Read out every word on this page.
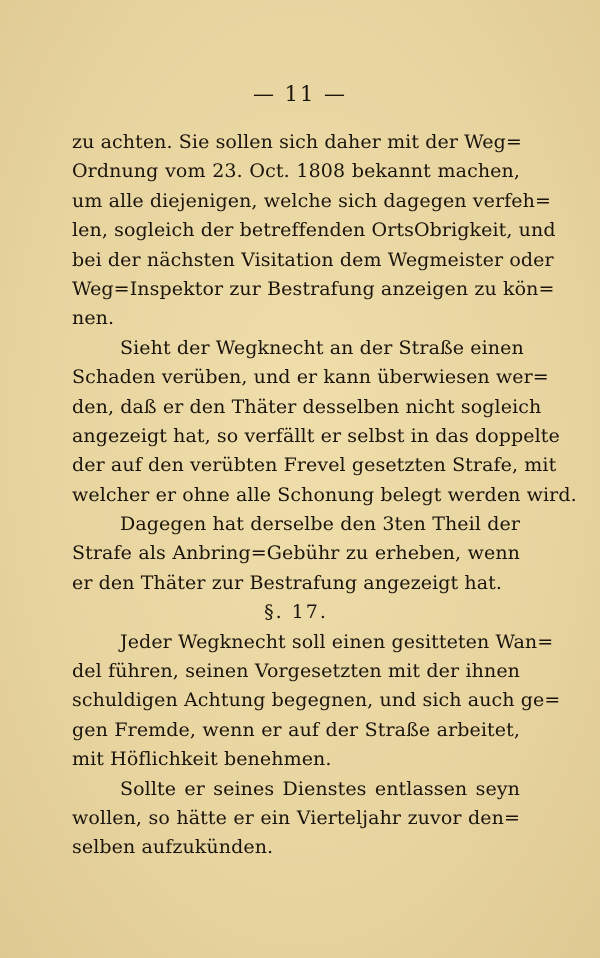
— 11 —
zu achten. Sie sollen sich daher mit der Weg=
Ordnung vom 23. Oct. 1808 bekannt machen,
um alle diejenigen, welche sich dagegen verfeh=
len, sogleich der betreffenden OrtsObrigkeit, und
bei der nächsten Visitation dem Wegmeister oder
Weg=Inspektor zur Bestrafung anzeigen zu kön=
nen.
Sieht der Wegknecht an der Straße einen
Schaden verüben, und er kann überwiesen wer=
den, daß er den Thäter desselben nicht sogleich
angezeigt hat, so verfällt er selbst in das doppelte
der auf den verübten Frevel gesetzten Strafe, mit
welcher er ohne alle Schonung belegt werden wird.
Dagegen hat derselbe den 3ten Theil der
Strafe als Anbring=Gebühr zu erheben, wenn
er den Thäter zur Bestrafung angezeigt hat.
§. 17.
Jeder Wegknecht soll einen gesitteten Wan=
del führen, seinen Vorgesetzten mit der ihnen
schuldigen Achtung begegnen, und sich auch ge=
gen Fremde, wenn er auf der Straße arbeitet,
mit Höflichkeit benehmen.
Sollte er seines Dienstes entlassen seyn
wollen, so hätte er ein Vierteljahr zuvor den=
selben aufzukünden.
